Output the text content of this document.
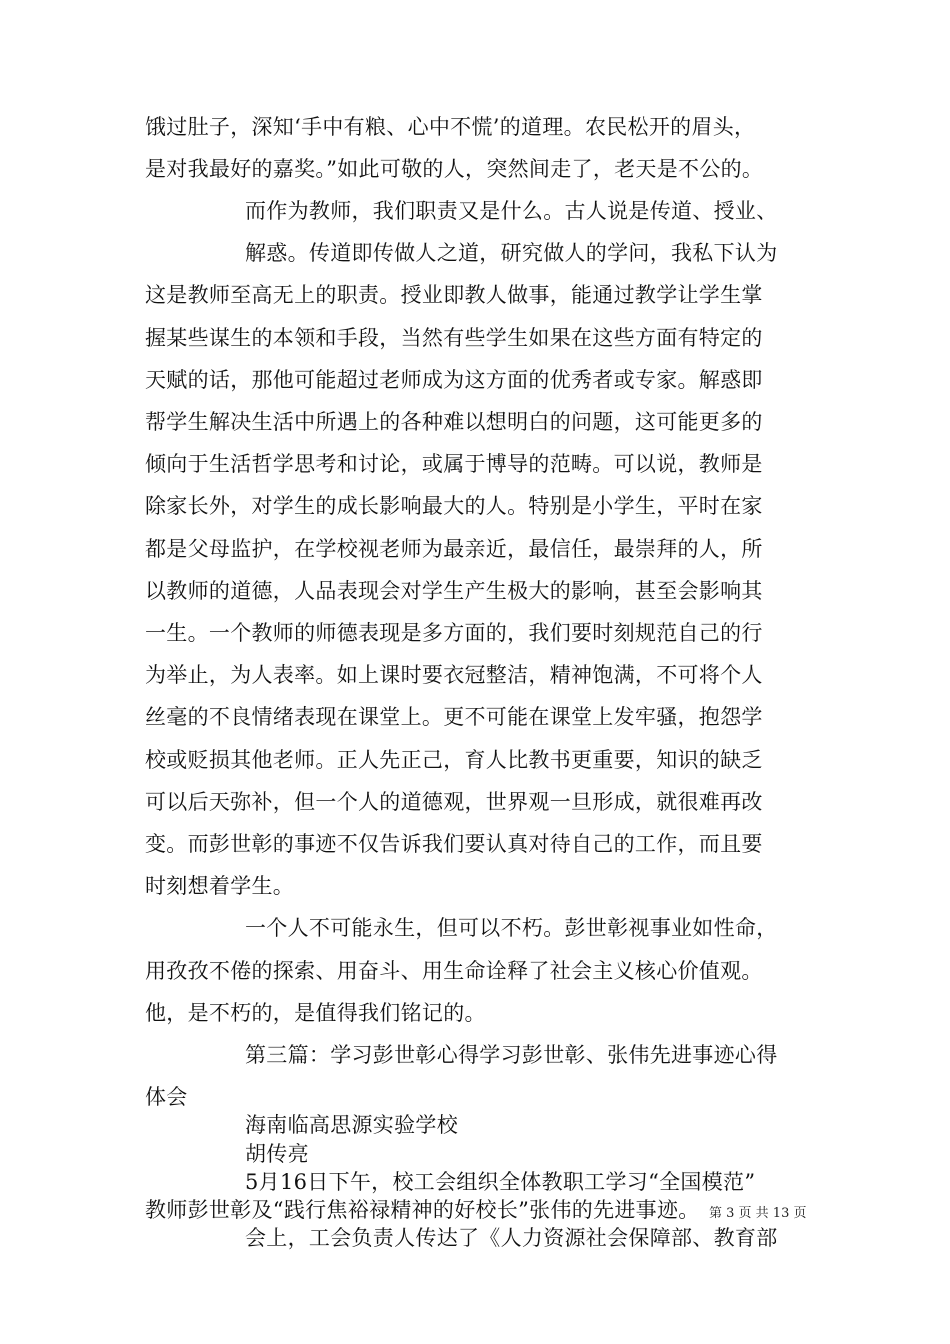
饿过肚子，深知‘手中有粮、心中不慌’的道理。农民松开的眉头，
是对我最好的嘉奖。”如此可敬的人，突然间走了，老天是不公的。
而作为教师，我们职责又是什么。古人说是传道、授业、
解惑。传道即传做人之道，研究做人的学问，我私下认为
这是教师至高无上的职责。授业即教人做事，能通过教学让学生掌
握某些谋生的本领和手段，当然有些学生如果在这些方面有特定的
天赋的话，那他可能超过老师成为这方面的优秀者或专家。解惑即
帮学生解决生活中所遇上的各种难以想明白的问题，这可能更多的
倾向于生活哲学思考和讨论，或属于博导的范畴。可以说，教师是
除家长外，对学生的成长影响最大的人。特别是小学生，平时在家
都是父母监护，在学校视老师为最亲近，最信任，最崇拜的人，所
以教师的道德，人品表现会对学生产生极大的影响，甚至会影响其
一生。一个教师的师德表现是多方面的，我们要时刻规范自己的行
为举止，为人表率。如上课时要衣冠整洁，精神饱满，不可将个人
丝毫的不良情绪表现在课堂上。更不可能在课堂上发牢骚，抱怨学
校或贬损其他老师。正人先正己，育人比教书更重要，知识的缺乏
可以后天弥补，但一个人的道德观，世界观一旦形成，就很难再改
变。而彭世彰的事迹不仅告诉我们要认真对待自己的工作，而且要
时刻想着学生。
一个人不可能永生，但可以不朽。彭世彰视事业如性命，
用孜孜不倦的探索、用奋斗、用生命诠释了社会主义核心价值观。
他，是不朽的，是值得我们铭记的。
第三篇：学习彭世彰心得学习彭世彰、张伟先进事迹心得
体会
海南临高思源实验学校
胡传亮
5月16日下午，校工会组织全体教职工学习“全国模范”
教师彭世彰及“践行焦裕禄精神的好校长”张伟的先进事迹。
会上，工会负责人传达了《人力资源社会保障部、教育部
第 3 页 共 13 页
